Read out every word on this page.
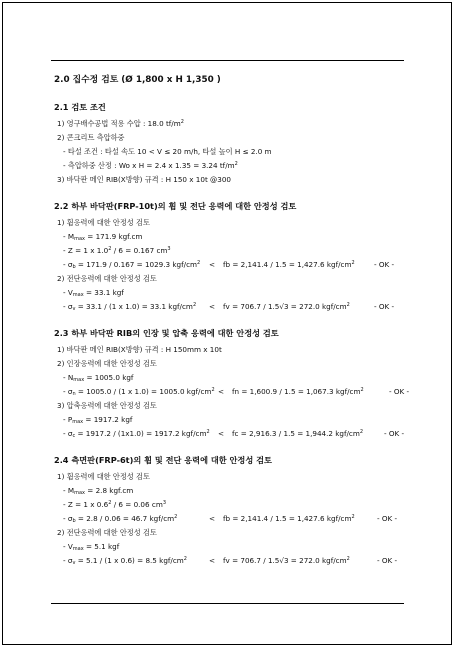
2.0 집수정 검토 (Ø 1,800 x H 1,350 )
2.1 검토 조건
1) 영구배수공법 적용 수압 : 18.0 $tf/m^2$
2) 콘크리트 측압하중
- 타설 조건 : 타설 속도 10 < V ≤ 20 m/h, 타설 높이 H ≤ 2.0 m
- 측압하중 산정 : Wo x H = 2.4 x 1.35 = 3.24 $tf/m^2$
3) 바닥판 메인 RIB(X방향) 규격 : H 150 x 10t @300
2.2 하부 바닥판(FRP-10t)의 휨 및 전단 응력에 대한 안정성 검토
1) 휨응력에 대한 안정성 검토
- $M_{max} = 171.9$ kgf.cm
- Z = 1 x $1.0^2 / 6 = 0.167$ $cm^3$
- $\sigma_b = 171.9 / 0.167 = 1029.3$ kgf/$cm^2$ < fb = 2,141.4 / 1.5 = 1,427.6 kgf/$cm^2$	- OK -
2) 전단응력에 대한 안정성 검토
- $V_{max} = 33.1$ kgf
- $\sigma_v = 33.1 / (1$ x 1.0) = 33.1 kgf/$cm^2$ < fv = 706.7 / 1.5√3 = 272.0 kgf/$cm^2$	- OK -
2.3 하부 바닥판 RIB의 인장 및 압축 응력에 대한 안정성 검토
1) 바닥판 메인 RIB(X방향) 규격 : H 150mm x 10t
2) 인장응력에 대한 안정성 검토
- $N_{max} = 1005.0$ kgf
- $\sigma_n = 1005.0 / (1$ x 1.0) = 1005.0 kgf/$cm^2$ < fn = 1,600.9 / 1.5 = 1,067.3 kgf/$cm^2$	- OK -
3) 압축응력에 대한 안정성 검토
- $P_{max} = 1917.2$ kgf
- $\sigma_c = 1917.2 / (1x1.0) = 1917.2$ kgf/$cm^2$ < fc = 2,916.3 / 1.5 = 1,944.2 kgf/$cm^2$	- OK -
2.4 측면판(FRP-6t)의 휨 및 전단 응력에 대한 안정성 검토
1) 휨응력에 대한 안정성 검토
- $M_{max} = 2.8$ kgf.cm
- Z = 1 x $0.6^2 / 6 = 0.06$ $cm^3$
- $\sigma_b = 2.8 / 0.06 = 46.7$ kgf/$cm^2$	< fb = 2,141.4 / 1.5 = 1,427.6 kgf/$cm^2$	- OK -
2) 전단응력에 대한 안정성 검토
- $V_{max} = 5.1$ kgf
- $\sigma_v = 5.1 / (1$ x 0.6) = 8.5 kgf/$cm^2$	< fv = 706.7 / 1.5√3 = 272.0 kgf/$cm^2$	- OK -
